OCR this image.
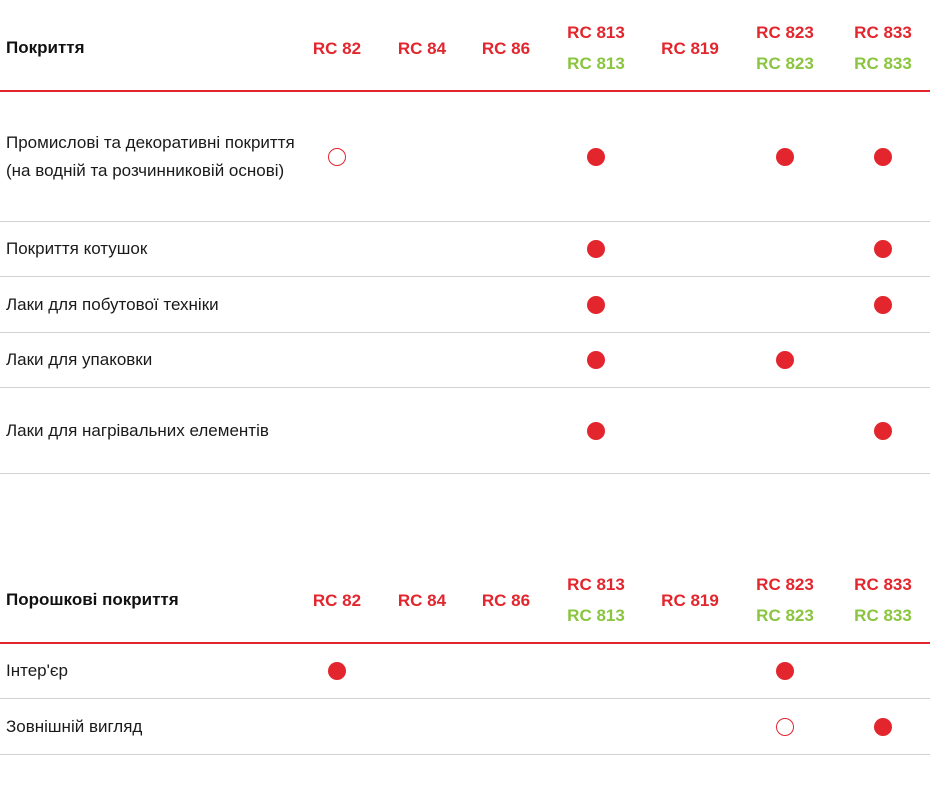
Покриття	RC 82 RC 84 RC 86
RC 813
RC 813
RC 819
RC 823
RC 823
RC 833
RC 833
Промислові та декоративні покриття (на водній та розчинниковій основі)
Покриття котушок
Лаки для побутової техніки
Лаки для упаковки
Лаки для нагрівальних елементів
Порошкові покриття	RC 82 RC 84 RC 86
RC 813
RC 813
RC 819
RC 823
RC 823
RC 833
RC 833
Інтер'єр
Зовнішній вигляд
